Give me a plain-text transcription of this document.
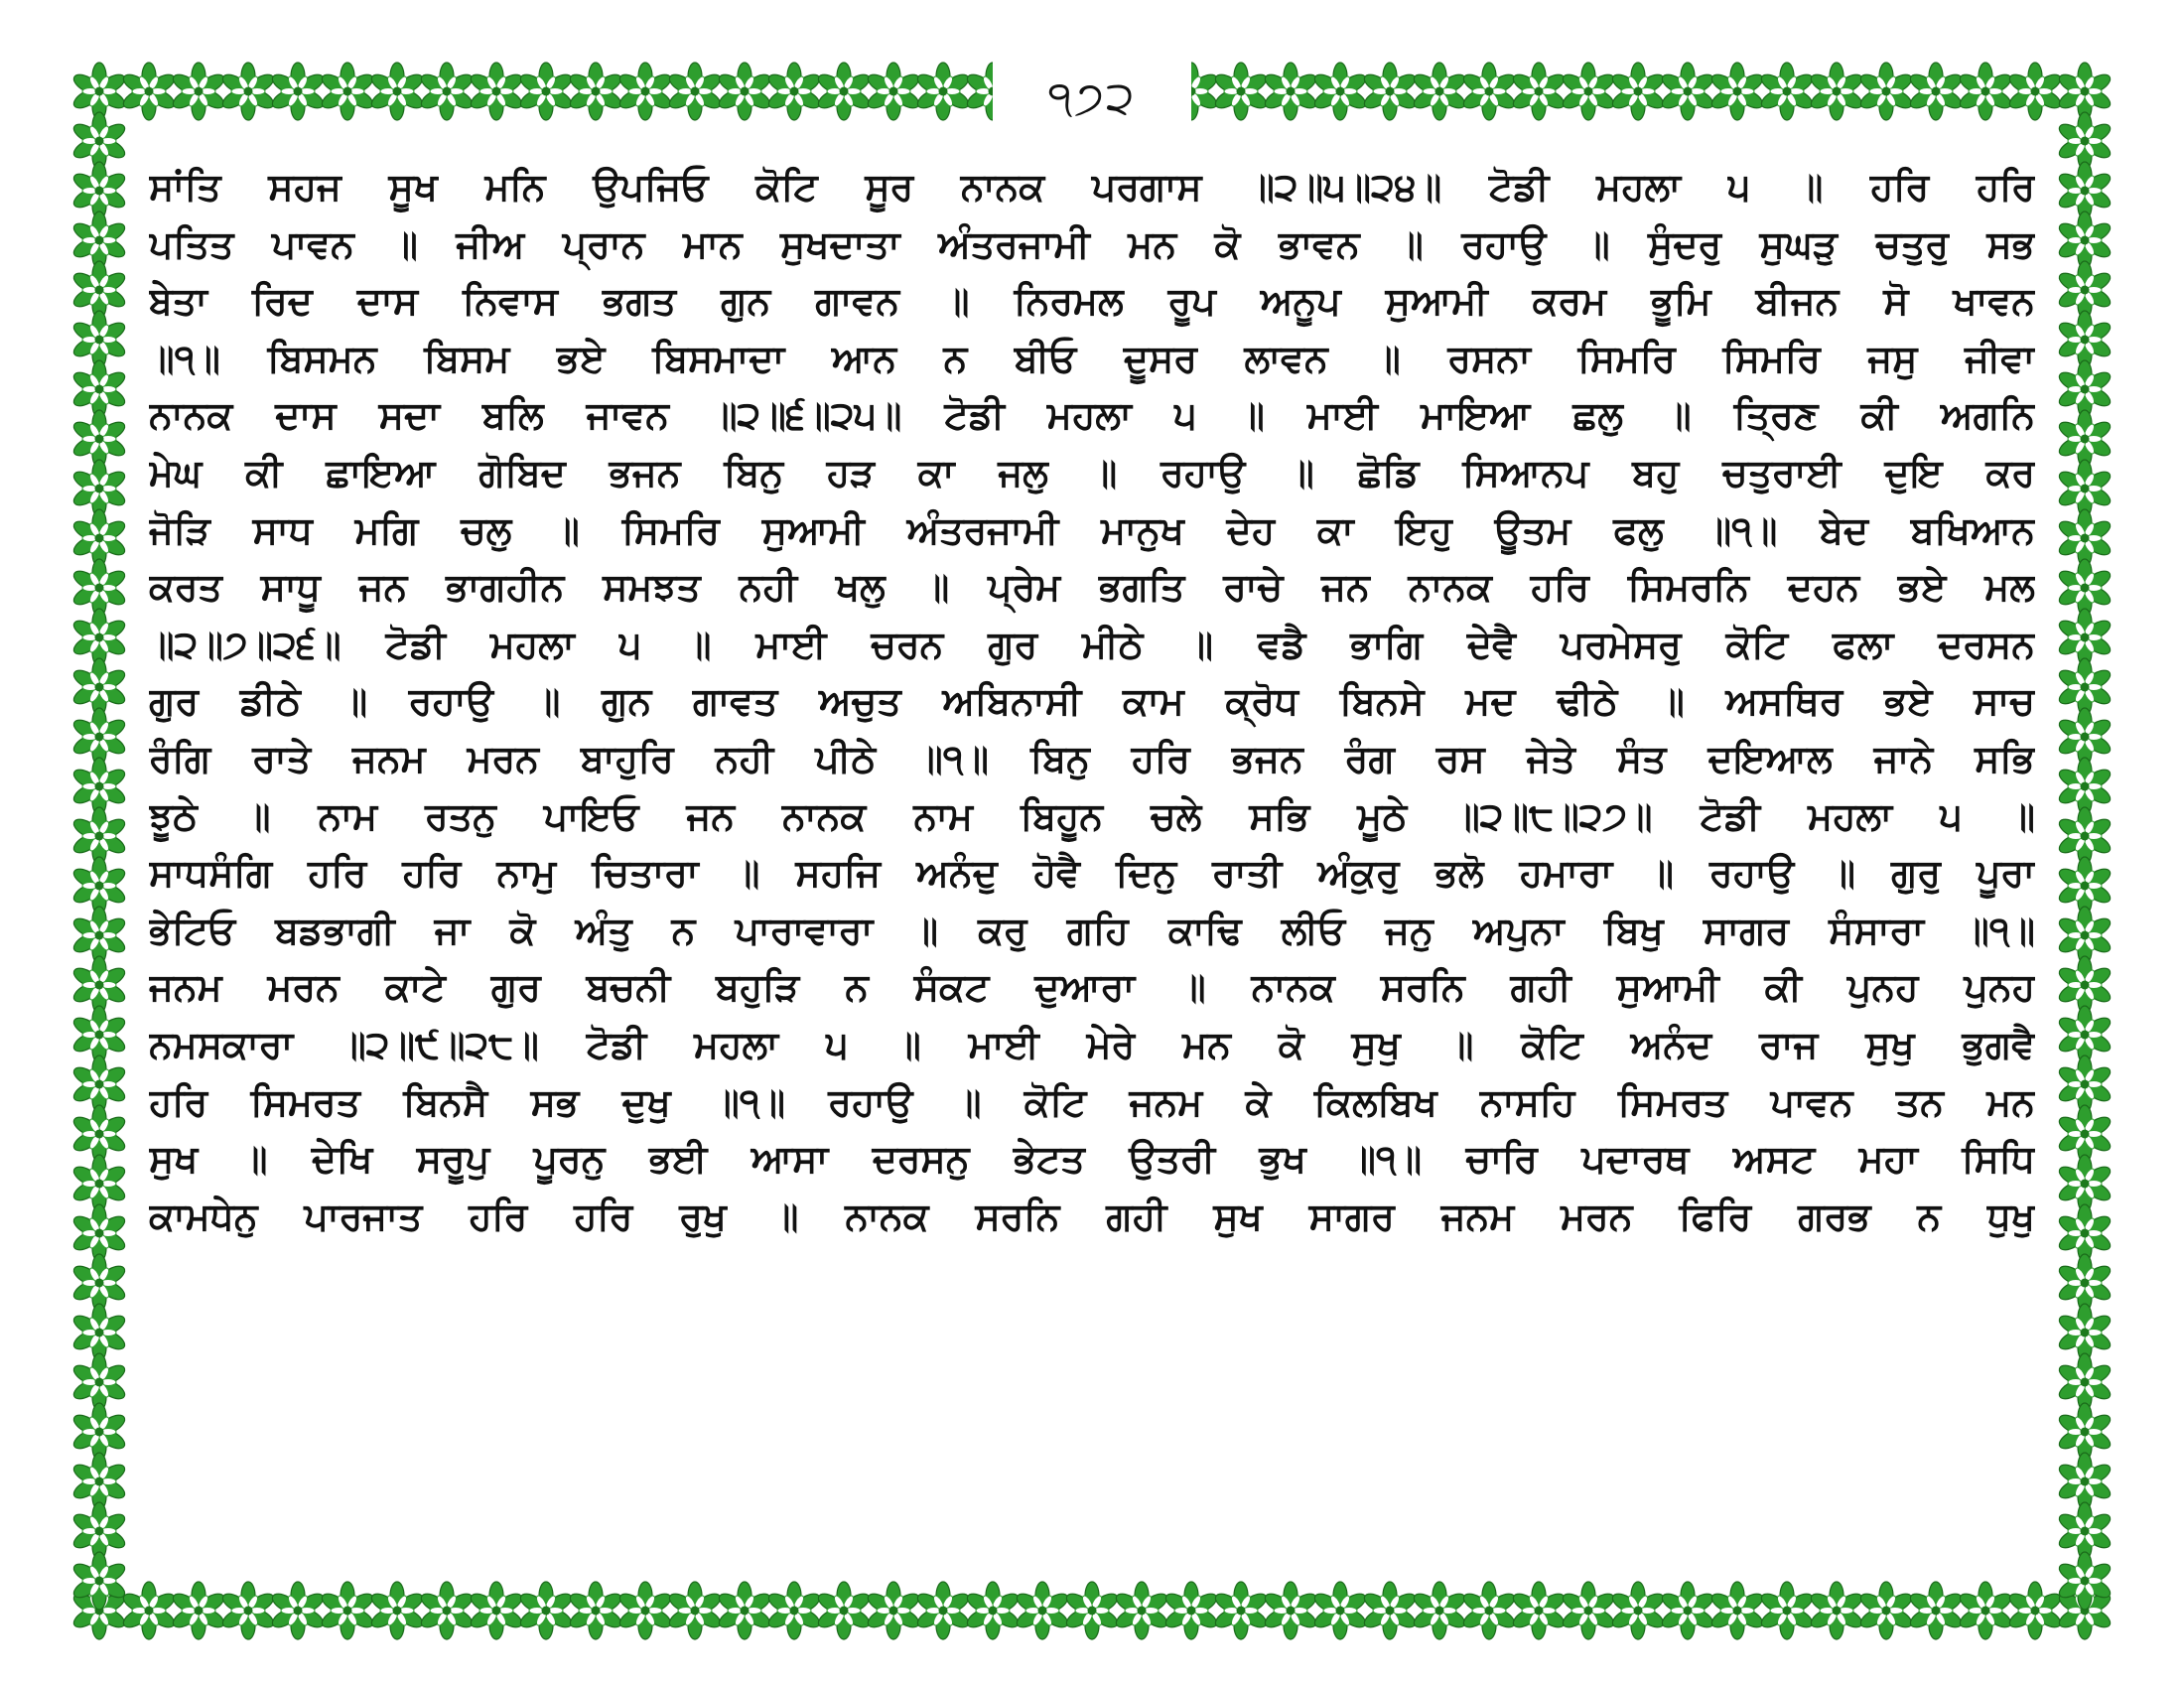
੧੭੨
ਸਾਂਤਿ ਸਹਜ ਸੂਖ ਮਨਿ ਉਪਜਿਓ ਕੋਟਿ ਸੂਰ ਨਾਨਕ ਪਰਗਾਸ ॥੨॥੫॥੨੪॥ ਟੋਡੀ ਮਹਲਾ ੫ ॥ ਹਰਿ ਹਰਿ
ਪਤਿਤ ਪਾਵਨ ॥ ਜੀਅ ਪ੍ਰਾਨ ਮਾਨ ਸੁਖਦਾਤਾ ਅੰਤਰਜਾਮੀ ਮਨ ਕੋ ਭਾਵਨ ॥ ਰਹਾਉ ॥ ਸੁੰਦਰੁ ਸੁਘੜੁ ਚਤੁਰੁ ਸਭ
ਬੇਤਾ ਰਿਦ ਦਾਸ ਨਿਵਾਸ ਭਗਤ ਗੁਨ ਗਾਵਨ ॥ ਨਿਰਮਲ ਰੂਪ ਅਨੂਪ ਸੁਆਮੀ ਕਰਮ ਭੂਮਿ ਬੀਜਨ ਸੋ ਖਾਵਨ
॥੧॥ ਬਿਸਮਨ ਬਿਸਮ ਭਏ ਬਿਸਮਾਦਾ ਆਨ ਨ ਬੀਓ ਦੂਸਰ ਲਾਵਨ ॥ ਰਸਨਾ ਸਿਮਰਿ ਸਿਮਰਿ ਜਸੁ ਜੀਵਾ
ਨਾਨਕ ਦਾਸ ਸਦਾ ਬਲਿ ਜਾਵਨ ॥੨॥੬॥੨੫॥ ਟੋਡੀ ਮਹਲਾ ੫ ॥ ਮਾਈ ਮਾਇਆ ਛਲੁ ॥ ਤ੍ਰਿਣ ਕੀ ਅਗਨਿ
ਮੇਘ ਕੀ ਛਾਇਆ ਗੋਬਿਦ ਭਜਨ ਬਿਨੁ ਹੜ ਕਾ ਜਲੁ ॥ ਰਹਾਉ ॥ ਛੋਡਿ ਸਿਆਨਪ ਬਹੁ ਚਤੁਰਾਈ ਦੁਇ ਕਰ
ਜੋੜਿ ਸਾਧ ਮਗਿ ਚਲੁ ॥ ਸਿਮਰਿ ਸੁਆਮੀ ਅੰਤਰਜਾਮੀ ਮਾਨੁਖ ਦੇਹ ਕਾ ਇਹੁ ਊਤਮ ਫਲੁ ॥੧॥ ਬੇਦ ਬਖਿਆਨ
ਕਰਤ ਸਾਧੂ ਜਨ ਭਾਗਹੀਨ ਸਮਝਤ ਨਹੀ ਖਲੁ ॥ ਪ੍ਰੇਮ ਭਗਤਿ ਰਾਚੇ ਜਨ ਨਾਨਕ ਹਰਿ ਸਿਮਰਨਿ ਦਹਨ ਭਏ ਮਲ
॥੨॥੭॥੨੬॥ ਟੋਡੀ ਮਹਲਾ ੫ ॥ ਮਾਈ ਚਰਨ ਗੁਰ ਮੀਠੇ ॥ ਵਡੈ ਭਾਗਿ ਦੇਵੈ ਪਰਮੇਸਰੁ ਕੋਟਿ ਫਲਾ ਦਰਸਨ
ਗੁਰ ਡੀਠੇ ॥ ਰਹਾਉ ॥ ਗੁਨ ਗਾਵਤ ਅਚੁਤ ਅਬਿਨਾਸੀ ਕਾਮ ਕ੍ਰੋਧ ਬਿਨਸੇ ਮਦ ਢੀਠੇ ॥ ਅਸਥਿਰ ਭਏ ਸਾਚ
ਰੰਗਿ ਰਾਤੇ ਜਨਮ ਮਰਨ ਬਾਹੁਰਿ ਨਹੀ ਪੀਠੇ ॥੧॥ ਬਿਨੁ ਹਰਿ ਭਜਨ ਰੰਗ ਰਸ ਜੇਤੇ ਸੰਤ ਦਇਆਲ ਜਾਨੇ ਸਭਿ
ਝੂਠੇ ॥ ਨਾਮ ਰਤਨੁ ਪਾਇਓ ਜਨ ਨਾਨਕ ਨਾਮ ਬਿਹੂਨ ਚਲੇ ਸਭਿ ਮੂਠੇ ॥੨॥੮॥੨੭॥ ਟੋਡੀ ਮਹਲਾ ੫ ॥
ਸਾਧਸੰਗਿ ਹਰਿ ਹਰਿ ਨਾਮੁ ਚਿਤਾਰਾ ॥ ਸਹਜਿ ਅਨੰਦੁ ਹੋਵੈ ਦਿਨੁ ਰਾਤੀ ਅੰਕੁਰੁ ਭਲੋ ਹਮਾਰਾ ॥ ਰਹਾਉ ॥ ਗੁਰੁ ਪੂਰਾ
ਭੇਟਿਓ ਬਡਭਾਗੀ ਜਾ ਕੋ ਅੰਤੁ ਨ ਪਾਰਾਵਾਰਾ ॥ ਕਰੁ ਗਹਿ ਕਾਢਿ ਲੀਓ ਜਨੁ ਅਪੁਨਾ ਬਿਖੁ ਸਾਗਰ ਸੰਸਾਰਾ ॥੧॥
ਜਨਮ ਮਰਨ ਕਾਟੇ ਗੁਰ ਬਚਨੀ ਬਹੁੜਿ ਨ ਸੰਕਟ ਦੁਆਰਾ ॥ ਨਾਨਕ ਸਰਨਿ ਗਹੀ ਸੁਆਮੀ ਕੀ ਪੁਨਹ ਪੁਨਹ
ਨਮਸਕਾਰਾ ॥੨॥੯॥੨੮॥ ਟੋਡੀ ਮਹਲਾ ੫ ॥ ਮਾਈ ਮੇਰੇ ਮਨ ਕੋ ਸੁਖੁ ॥ ਕੋਟਿ ਅਨੰਦ ਰਾਜ ਸੁਖੁ ਭੁਗਵੈ
ਹਰਿ ਸਿਮਰਤ ਬਿਨਸੈ ਸਭ ਦੁਖੁ ॥੧॥ ਰਹਾਉ ॥ ਕੋਟਿ ਜਨਮ ਕੇ ਕਿਲਬਿਖ ਨਾਸਹਿ ਸਿਮਰਤ ਪਾਵਨ ਤਨ ਮਨ
ਸੁਖ ॥ ਦੇਖਿ ਸਰੂਪੁ ਪੂਰਨੁ ਭਈ ਆਸਾ ਦਰਸਨੁ ਭੇਟਤ ਉਤਰੀ ਭੁਖ ॥੧॥ ਚਾਰਿ ਪਦਾਰਥ ਅਸਟ ਮਹਾ ਸਿਧਿ
ਕਾਮਧੇਨੁ ਪਾਰਜਾਤ ਹਰਿ ਹਰਿ ਰੁਖੁ ॥ ਨਾਨਕ ਸਰਨਿ ਗਹੀ ਸੁਖ ਸਾਗਰ ਜਨਮ ਮਰਨ ਫਿਰਿ ਗਰਭ ਨ ਧੁਖੁ
